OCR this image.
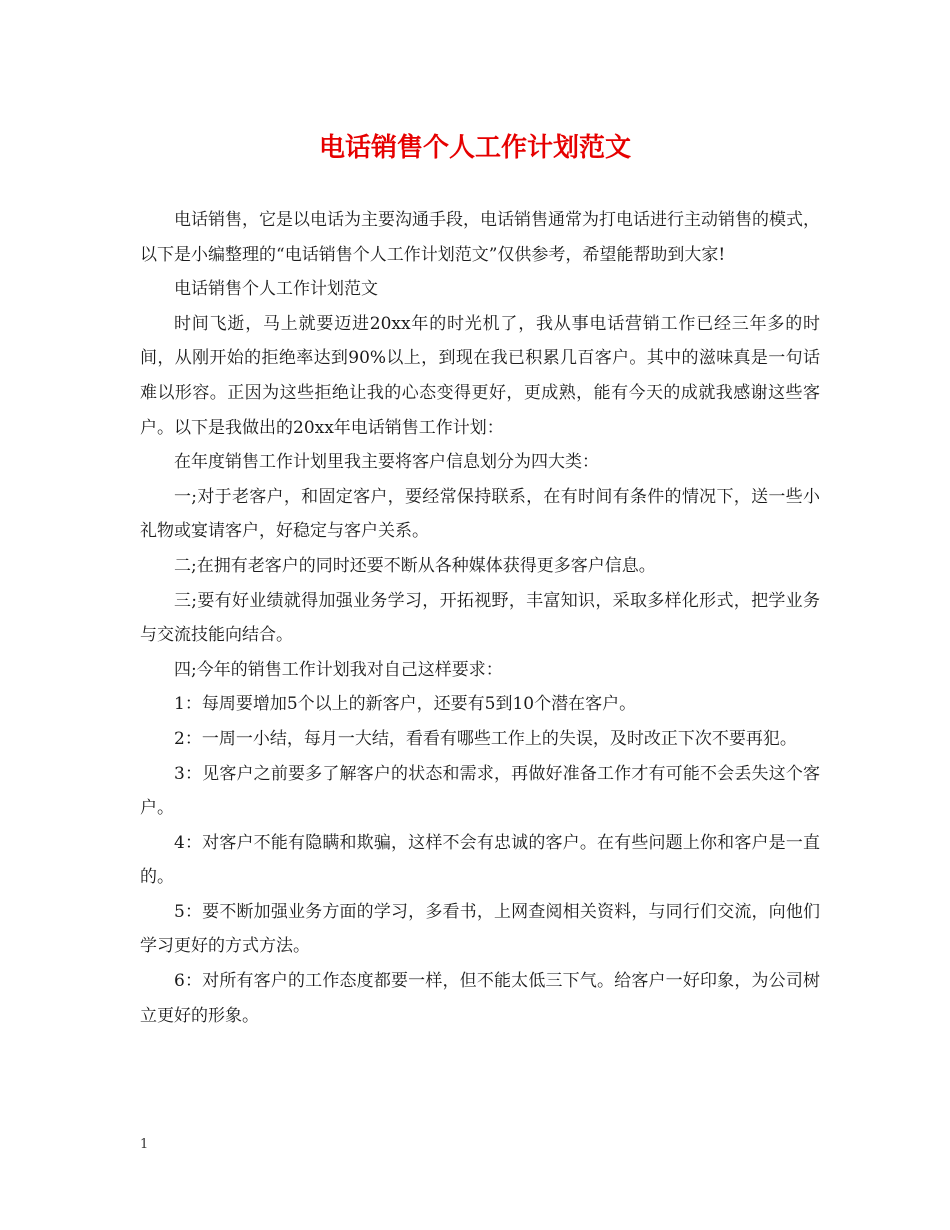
电话销售个人工作计划范文

电话销售，它是以电话为主要沟通手段，电话销售通常为打电话进行主动销售的模式，以下是小编整理的“电话销售个人工作计划范文”仅供参考，希望能帮助到大家!

电话销售个人工作计划范文

时间飞逝，马上就要迈进20xx年的时光机了，我从事电话营销工作已经三年多的时间，从刚开始的拒绝率达到90%以上，到现在我已积累几百客户。其中的滋味真是一句话难以形容。正因为这些拒绝让我的心态变得更好，更成熟，能有今天的成就我感谢这些客户。以下是我做出的20xx年电话销售工作计划：

在年度销售工作计划里我主要将客户信息划分为四大类：

一;对于老客户，和固定客户，要经常保持联系，在有时间有条件的情况下，送一些小礼物或宴请客户，好稳定与客户关系。

二;在拥有老客户的同时还要不断从各种媒体获得更多客户信息。

三;要有好业绩就得加强业务学习，开拓视野，丰富知识，采取多样化形式，把学业务与交流技能向结合。

四;今年的销售工作计划我对自己这样要求：

1：每周要增加5个以上的新客户，还要有5到10个潜在客户。

2：一周一小结，每月一大结，看看有哪些工作上的失误，及时改正下次不要再犯。

3：见客户之前要多了解客户的状态和需求，再做好准备工作才有可能不会丢失这个客户。

4：对客户不能有隐瞒和欺骗，这样不会有忠诚的客户。在有些问题上你和客户是一直的。

5：要不断加强业务方面的学习，多看书，上网查阅相关资料，与同行们交流，向他们学习更好的方式方法。

6：对所有客户的工作态度都要一样，但不能太低三下气。给客户一好印象，为公司树立更好的形象。

1
